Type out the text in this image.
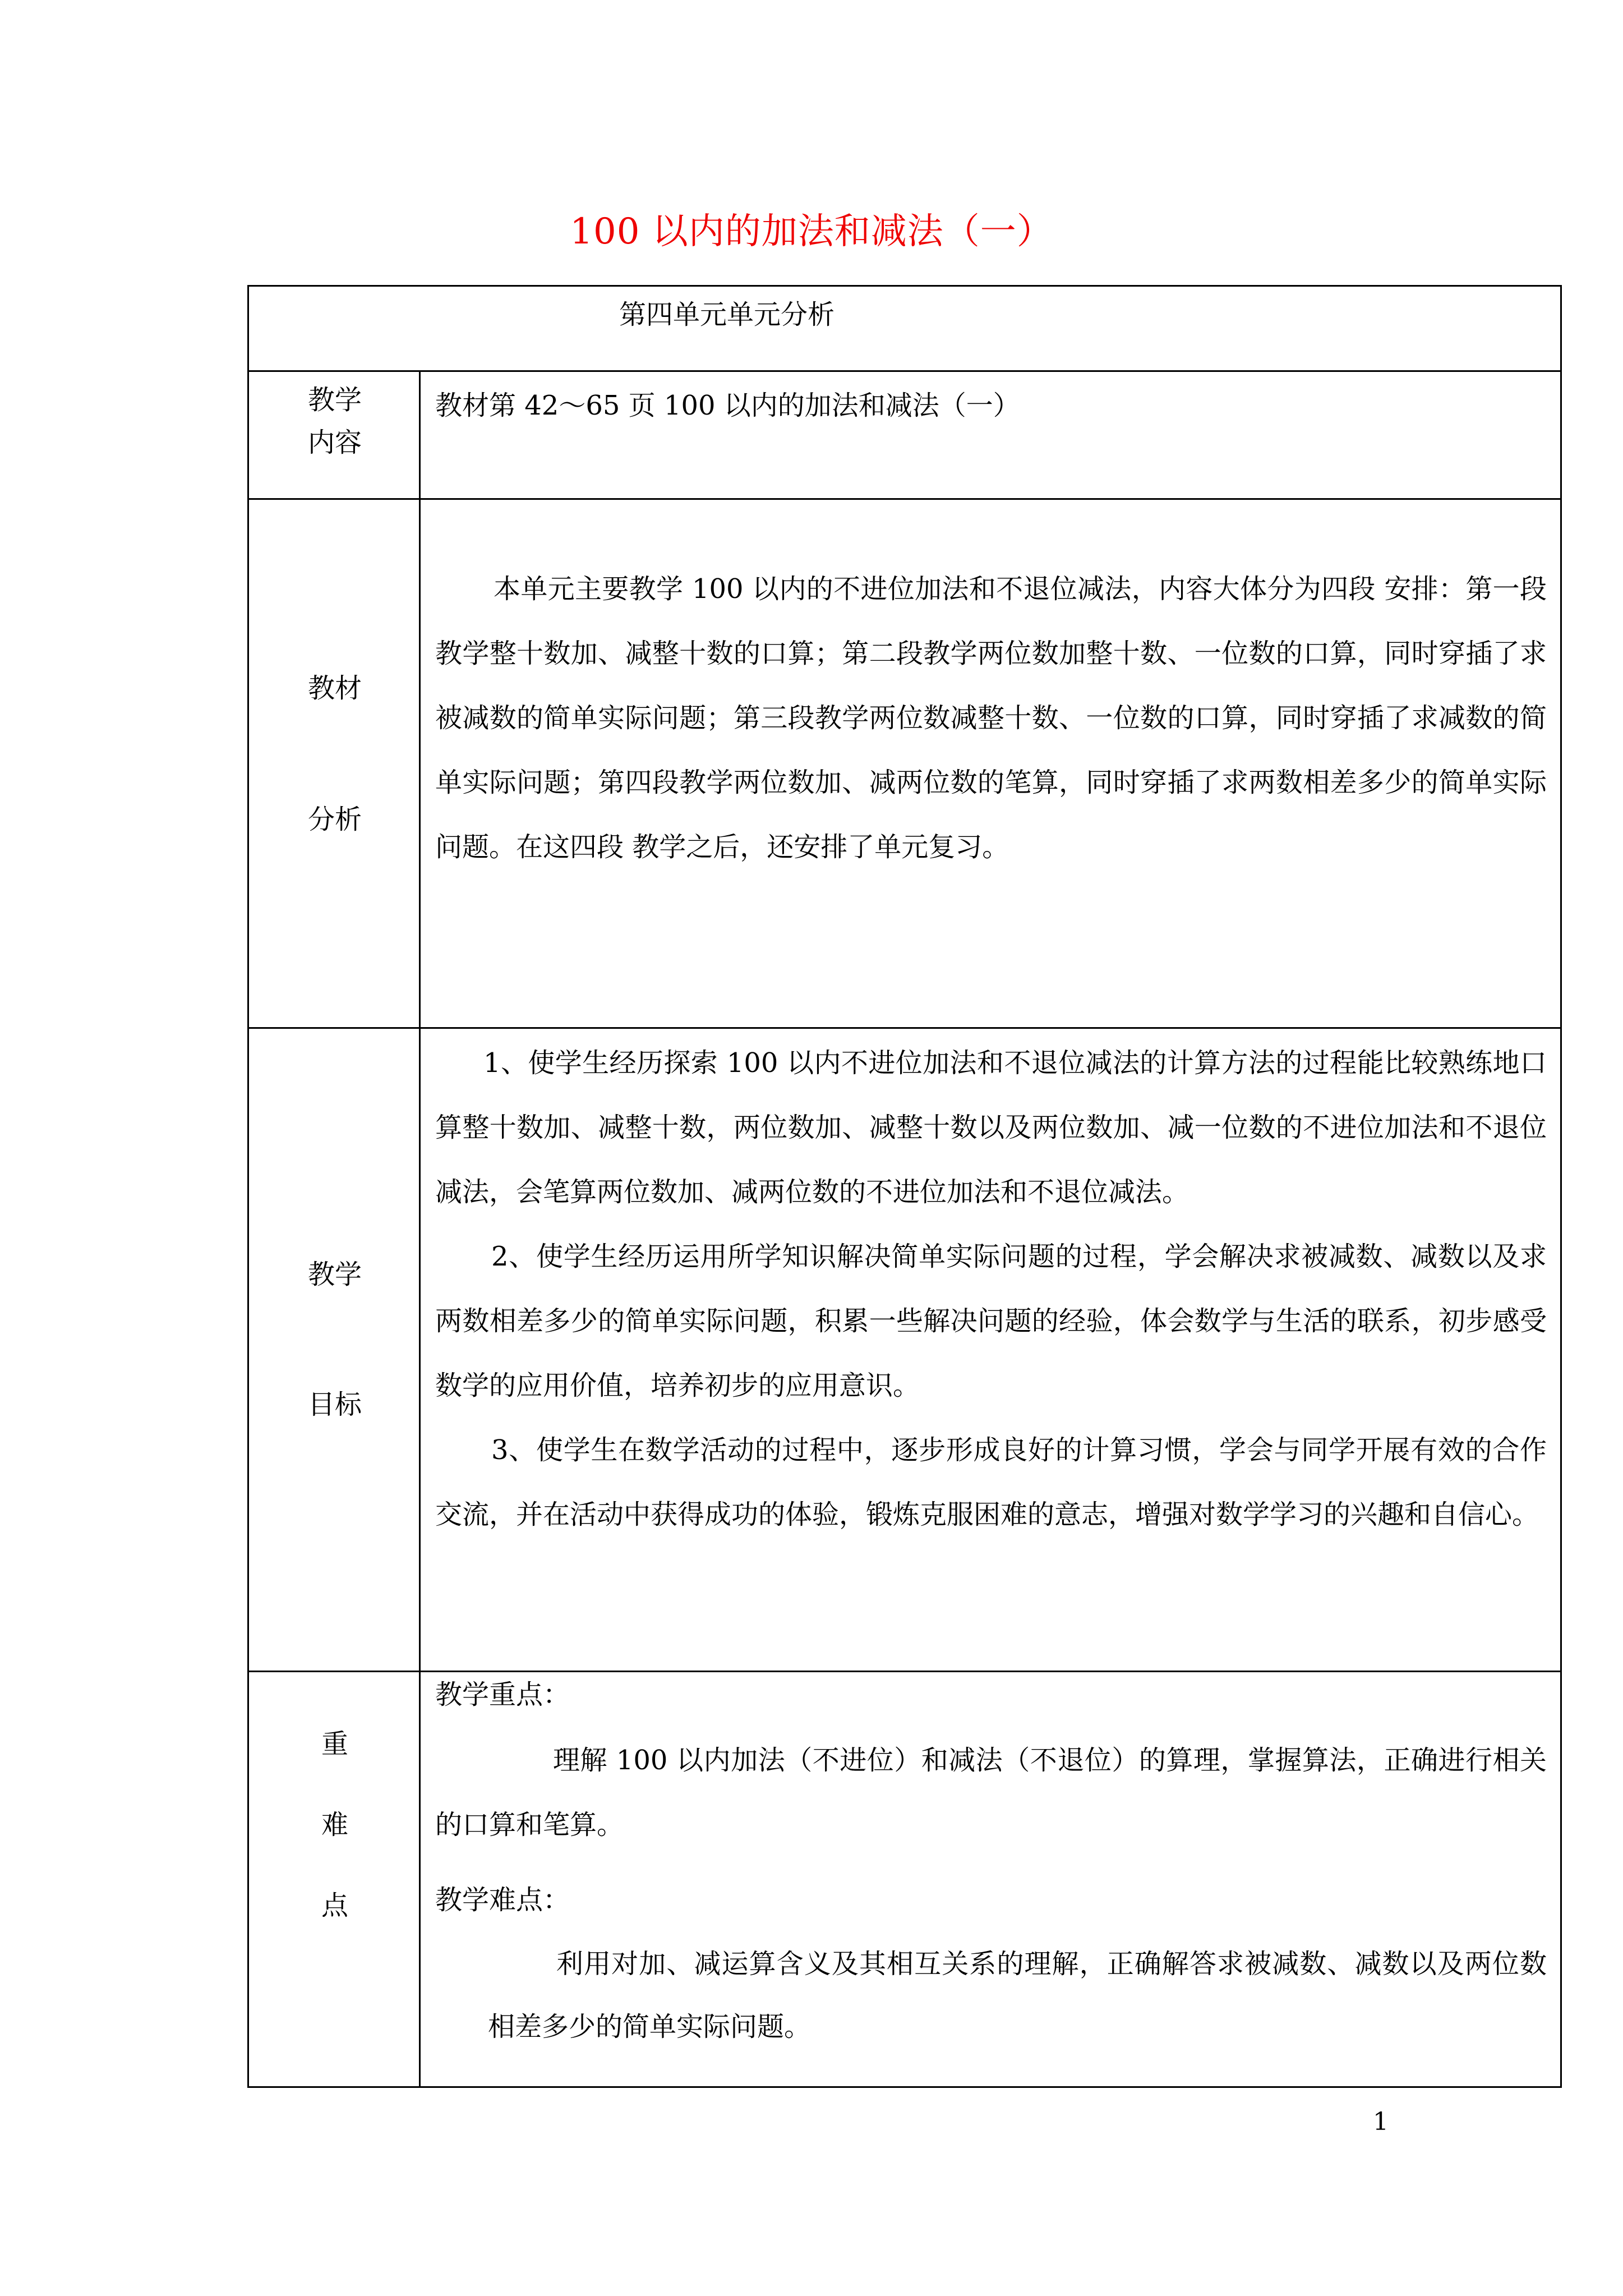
100 以内的加法和减法（一）
第四单元单元分析
教学
内容
教材第 42～65 页 100 以内的加法和减法（一）
教材
分析
本单元主要教学 100 以内的不进位加法和不退位减法，内容大体分为四段 安排：第一段教学整十数加、减整十数的口算；第二段教学两位数加整十数、一位数的口算，同时穿插了求被减数的简单实际问题；第三段教学两位数减整十数、一位数的口算，同时穿插了求减数的简单实际问题；第四段教学两位数加、减两位数的笔算，同时穿插了求两数相差多少的简单实际问题。在这四段 教学之后，还安排了单元复习。
教学
目标
1、使学生经历探索 100 以内不进位加法和不退位减法的计算方法的过程能比较熟练地口算整十数加、减整十数，两位数加、减整十数以及两位数加、减一位数的不进位加法和不退位减法，会笔算两位数加、减两位数的不进位加法和不退位减法。
2、使学生经历运用所学知识解决简单实际问题的过程，学会解决求被减数、减数以及求两数相差多少的简单实际问题，积累一些解决问题的经验，体会数学与生活的联系，初步感受数学的应用价值，培养初步的应用意识。
3、使学生在数学活动的过程中，逐步形成良好的计算习惯，学会与同学开展有效的合作交流，并在活动中获得成功的体验，锻炼克服困难的意志，增强对数学学习的兴趣和自信心。
重
难
点
教学重点：
理解 100 以内加法（不进位）和减法（不退位）的算理，掌握算法，正确进行相关的口算和笔算。
教学难点：
利用对加、减运算含义及其相互关系的理解，正确解答求被减数、减数以及两位数相差多少的简单实际问题。
1
